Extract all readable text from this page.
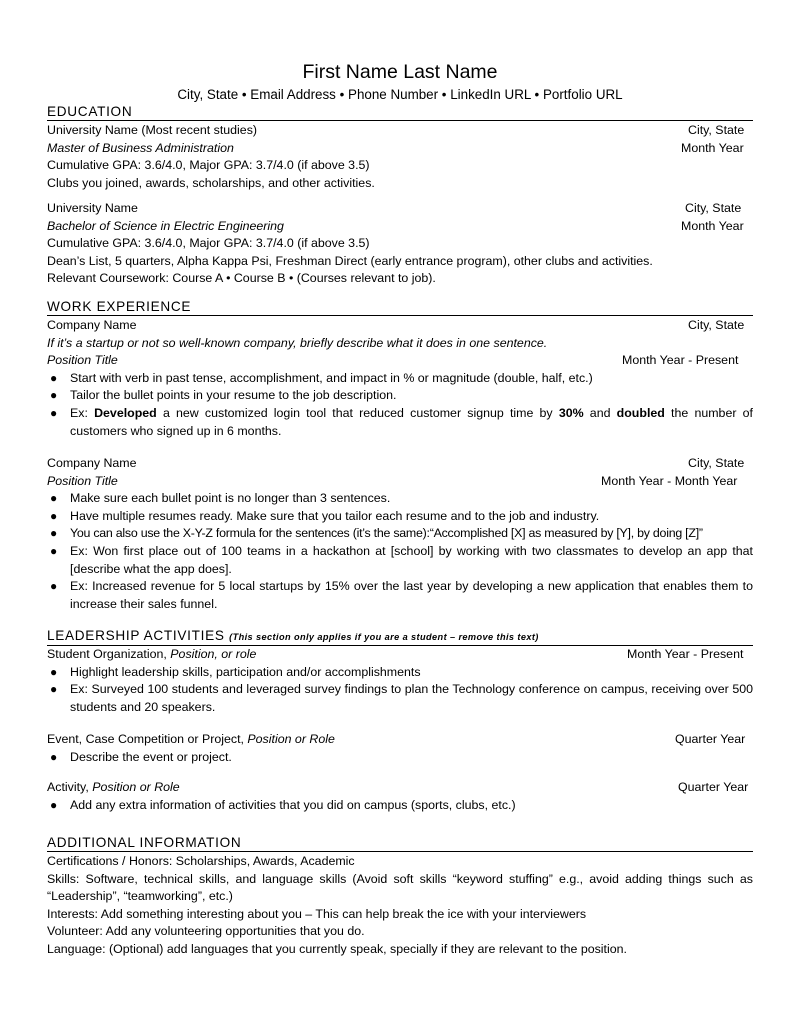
First Name Last Name
City, State • Email Address • Phone Number • LinkedIn URL • Portfolio URL
EDUCATION
University Name (Most recent studies)	City, State
Master of Business Administration	Month Year
Cumulative GPA: 3.6/4.0, Major GPA: 3.7/4.0 (if above 3.5)
Clubs you joined, awards, scholarships, and other activities.
University Name	City, State
Bachelor of Science in Electric Engineering	Month Year
Cumulative GPA: 3.6/4.0, Major GPA: 3.7/4.0 (if above 3.5)
Dean’s List, 5 quarters, Alpha Kappa Psi, Freshman Direct (early entrance program), other clubs and activities.
Relevant Coursework: Course A • Course B • (Courses relevant to job).
WORK EXPERIENCE
Company Name	City, State
If it’s a startup or not so well-known company, briefly describe what it does in one sentence.
Position Title	Month Year - Present
● Start with verb in past tense, accomplishment, and impact in % or magnitude (double, half, etc.)
● Tailor the bullet points in your resume to the job description.
● Ex: Developed a new customized login tool that reduced customer signup time by 30% and doubled the number of customers who signed up in 6 months.
Company Name	City, State
Position Title	Month Year - Month Year
● Make sure each bullet point is no longer than 3 sentences.
● Have multiple resumes ready. Make sure that you tailor each resume and to the job and industry.
● You can also use the X-Y-Z formula for the sentences (it’s the same):“Accomplished [X] as measured by [Y], by doing [Z]”
● Ex: Won first place out of 100 teams in a hackathon at [school] by working with two classmates to develop an app that [describe what the app does].
● Ex: Increased revenue for 5 local startups by 15% over the last year by developing a new application that enables them to increase their sales funnel.
LEADERSHIP ACTIVITIES (This section only applies if you are a student – remove this text)
Student Organization, Position, or role	Month Year - Present
● Highlight leadership skills, participation and/or accomplishments
● Ex: Surveyed 100 students and leveraged survey findings to plan the Technology conference on campus, receiving over 500 students and 20 speakers.
Event, Case Competition or Project, Position or Role	Quarter Year
● Describe the event or project.
Activity, Position or Role	Quarter Year
● Add any extra information of activities that you did on campus (sports, clubs, etc.)
ADDITIONAL INFORMATION
Certifications / Honors: Scholarships, Awards, Academic
Skills: Software, technical skills, and language skills (Avoid soft skills “keyword stuffing” e.g., avoid adding things such as “Leadership”, “teamworking”, etc.)
Interests: Add something interesting about you – This can help break the ice with your interviewers
Volunteer: Add any volunteering opportunities that you do.
Language: (Optional) add languages that you currently speak, specially if they are relevant to the position.
